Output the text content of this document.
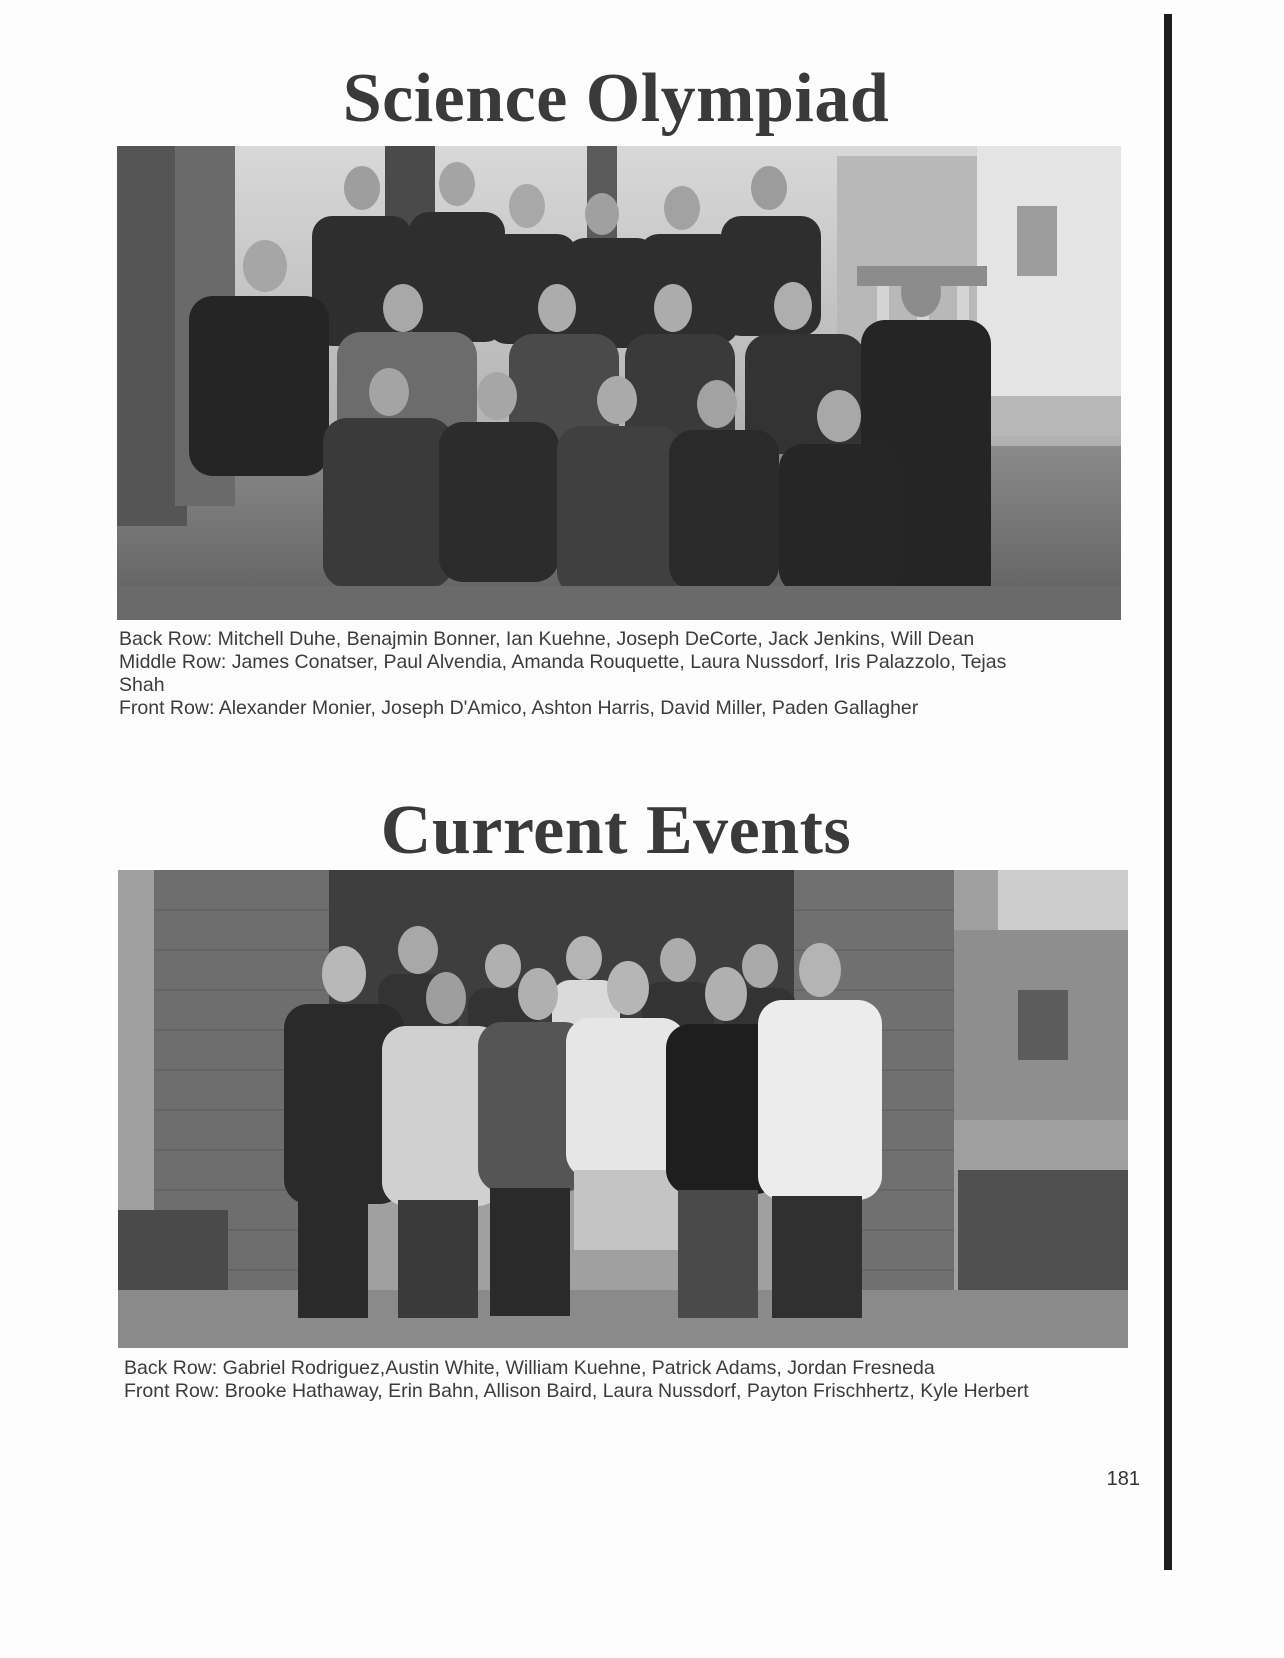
Science Olympiad
Back Row: Mitchell Duhe, Benajmin Bonner, Ian Kuehne, Joseph DeCorte, Jack Jenkins, Will Dean
Middle Row: James Conatser, Paul Alvendia, Amanda Rouquette, Laura Nussdorf, Iris Palazzolo, Tejas
Shah
Front Row: Alexander Monier, Joseph D'Amico, Ashton Harris, David Miller, Paden Gallagher
Current Events
Back Row: Gabriel Rodriguez,Austin White, William Kuehne, Patrick Adams, Jordan Fresneda
Front Row: Brooke Hathaway, Erin Bahn, Allison Baird, Laura Nussdorf, Payton Frischhertz, Kyle Herbert
181
